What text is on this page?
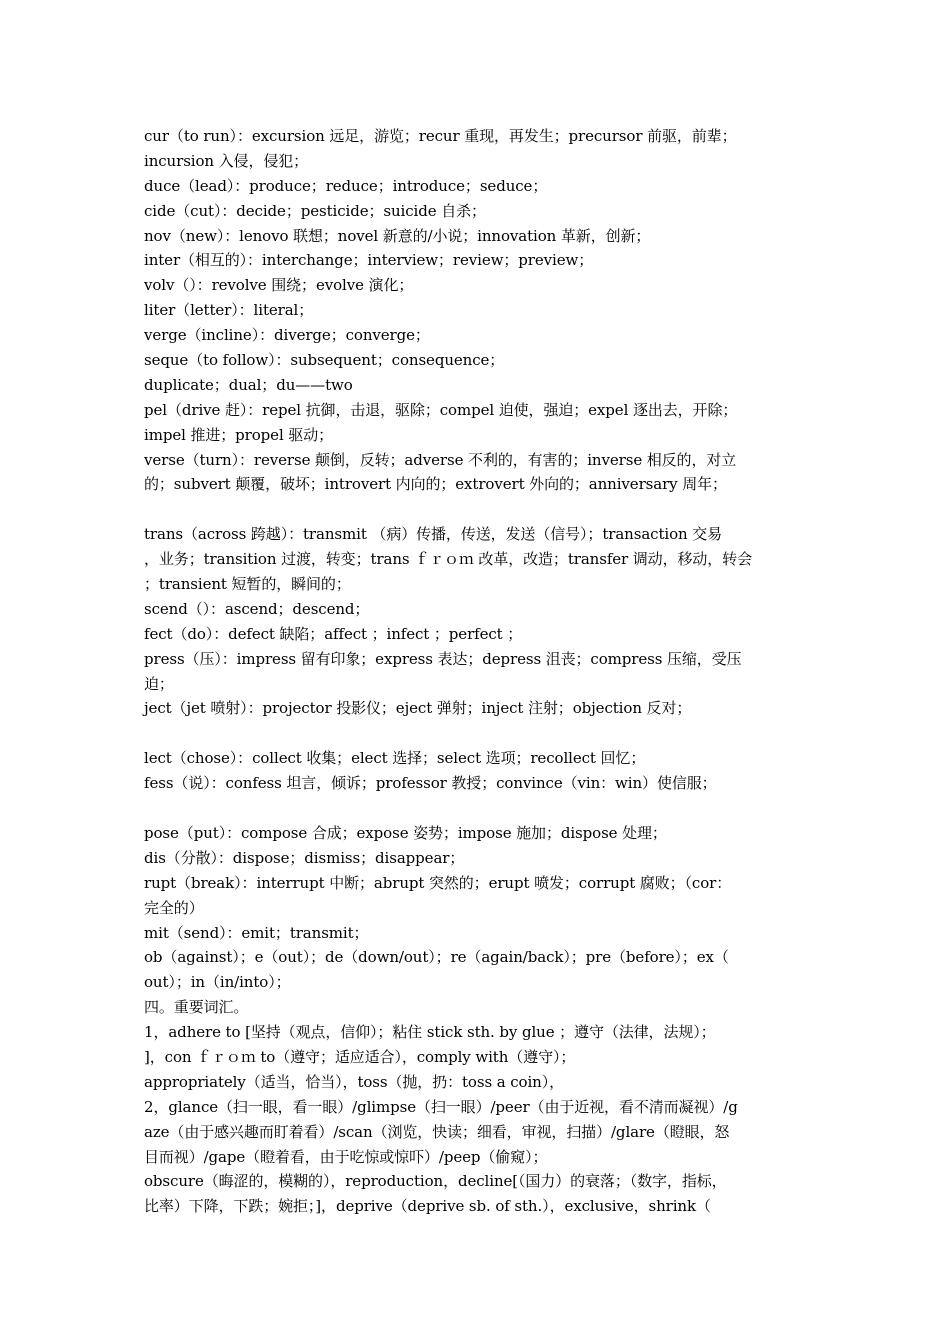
cur（to run）：excursion 远足，游览；recur 重现，再发生；precursor 前驱，前辈；
incursion 入侵，侵犯；
duce（lead）：produce；reduce；introduce；seduce；
cide（cut）：decide；pesticide；suicide 自杀；
nov（new）：lenovo 联想；novel 新意的/小说；innovation 革新，创新；
inter（相互的）：interchange；interview；review；preview；
volv（）：revolve 围绕；evolve 演化；
liter（letter）：literal；
verge（incline）：diverge；converge；
seque（to follow）：subsequent；consequence；
duplicate；dual；du——two
pel（drive 赶）：repel 抗御，击退，驱除；compel 迫使，强迫；expel 逐出去，开除；
impel 推进；propel 驱动；
verse（turn）：reverse 颠倒，反转；adverse 不利的，有害的；inverse 相反的，对立
的；subvert 颠覆，破坏；introvert 内向的；extrovert 外向的；anniversary 周年；
trans（across 跨越）：transmit （病）传播，传送，发送（信号）；transaction 交易
，业务；transition 过渡，转变；trans ｆｒｏｍ 改革，改造；transfer 调动，移动，转会
；transient 短暂的，瞬间的；
scend（）：ascend；descend；
fect（do）：defect 缺陷；affect ；infect ；perfect ；
press（压）：impress 留有印象；express 表达；depress 沮丧；compress 压缩，受压
迫；
ject（jet 喷射）：projector 投影仪；eject 弹射；inject 注射；objection 反对；
lect（chose）：collect 收集；elect 选择；select 选项；recollect 回忆；
fess（说）：confess 坦言，倾诉；professor 教授；convince（vin：win）使信服；
pose（put）：compose 合成；expose 姿势；impose 施加；dispose 处理；
dis（分散）：dispose；dismiss；disappear；
rupt（break）：interrupt 中断；abrupt 突然的；erupt 喷发；corrupt 腐败；（cor：
完全的）
mit（send）：emit；transmit；
ob（against）；e（out）；de（down/out）；re（again/back）；pre（before）；ex（
out）；in（in/into）；
四。重要词汇。
1，adhere to [坚持（观点，信仰）；粘住 stick sth. by glue ；遵守（法律，法规）；
]，con ｆｒｏｍ to（遵守；适应适合），comply with（遵守）；
appropriately（适当，恰当），toss（抛，扔：toss a coin），
2，glance（扫一眼，看一眼）/glimpse（扫一眼）/peer（由于近视，看不清而凝视）/g
aze（由于感兴趣而盯着看）/scan（浏览，快读；细看，审视，扫描）/glare（瞪眼，怒
目而视）/gape（瞪着看，由于吃惊或惊吓）/peep（偷窥）；
obscure（晦涩的，模糊的），reproduction，decline[（国力）的衰落；（数字，指标，
比率）下降，下跌；婉拒；]，deprive（deprive sb. of sth.），exclusive，shrink（
